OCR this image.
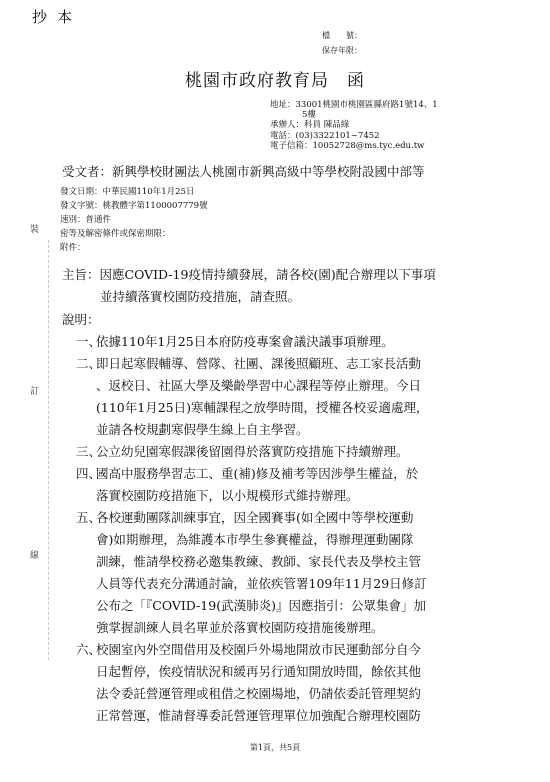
抄本
檔　　號：
保存年限：
桃園市政府教育局　函
地址：33001桃園市桃園區縣府路1號14、1
5樓
承辦人：科員 陳品綠
電話：(03)3322101~7452
電子信箱：10052728@ms.tyc.edu.tw
受文者：新興學校財團法人桃園市新興高級中等學校附設國中部等
發文日期：中華民國110年1月25日
發文字號：桃教體字第1100007779號
速別：普通件
密等及解密條件或保密期限：
附件：
裝
訂
線
主旨：因應COVID-19疫情持續發展，請各校(園)配合辦理以下事項
並持續落實校園防疫措施，請查照。
說明：
一、
依據110年1月25日本府防疫專案會議決議事項辦理。
二、
即日起寒假輔導、營隊、社團、課後照顧班、志工家長活動
、返校日、社區大學及樂齡學習中心課程等停止辦理。今日
(110年1月25日)寒輔課程之放學時間，授權各校妥適處理，
並請各校規劃寒假學生線上自主學習。
三、
公立幼兒園寒假課後留園得於落實防疫措施下持續辦理。
四、
國高中服務學習志工、重(補)修及補考等因涉學生權益，於
落實校園防疫措施下，以小規模形式維持辦理。
五、
各校運動團隊訓練事宜，因全國賽事(如全國中等學校運動
會)如期辦理，為維護本市學生參賽權益，得辦理運動團隊
訓練，惟請學校務必邀集教練、教師、家長代表及學校主管
人員等代表充分溝通討論，並依疾管署109年11月29日修訂
公布之「『COVID-19(武漢肺炎)』因應指引：公眾集會」加
強掌握訓練人員名單並於落實校園防疫措施後辦理。
六、
校園室內外空間借用及校園戶外場地開放市民運動部分自今
日起暫停，俟疫情狀況和緩再另行通知開放時間，餘依其他
法令委託營運管理或租借之校園場地，仍請依委託管理契約
正常營運，惟請督導委託營運管理單位加強配合辦理校園防
第1頁，共5頁
